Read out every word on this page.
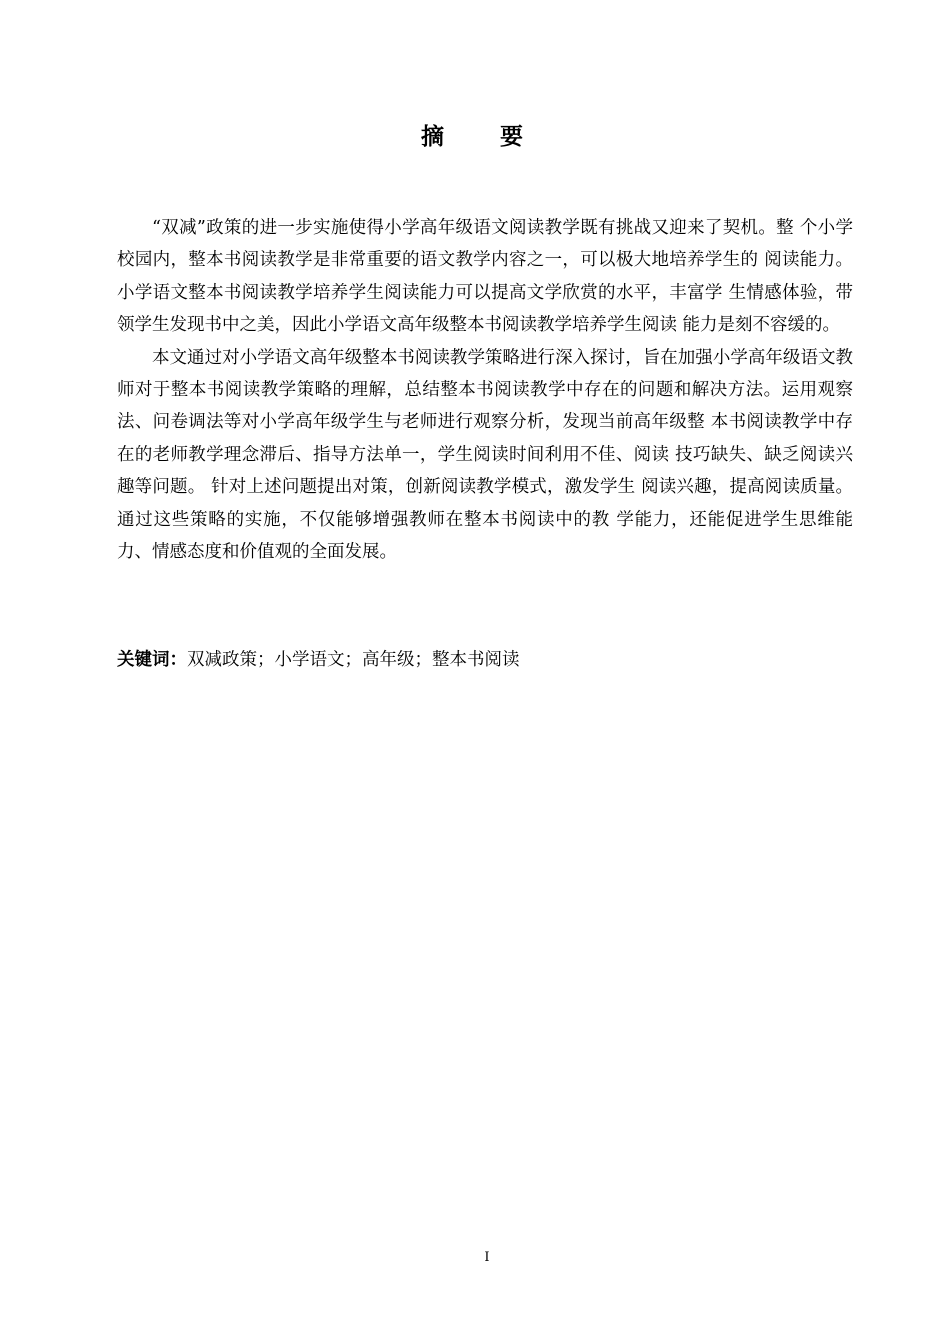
摘 要

“双减”政策的进一步实施使得小学高年级语文阅读教学既有挑战又迎来了契机。整 个小学校园内，整本书阅读教学是非常重要的语文教学内容之一，可以极大地培养学生的 阅读能力。小学语文整本书阅读教学培养学生阅读能力可以提高文学欣赏的水平，丰富学 生情感体验，带领学生发现书中之美，因此小学语文高年级整本书阅读教学培养学生阅读 能力是刻不容缓的。

本文通过对小学语文高年级整本书阅读教学策略进行深入探讨，旨在加强小学高年级语文教师对于整本书阅读教学策略的理解，总结整本书阅读教学中存在的问题和解决方法。运用观察法、问卷调法等对小学高年级学生与老师进行观察分析，发现当前高年级整 本书阅读教学中存在的老师教学理念滞后、指导方法单一，学生阅读时间利用不佳、阅读 技巧缺失、缺乏阅读兴趣等问题。 针对上述问题提出对策，创新阅读教学模式，激发学生 阅读兴趣，提高阅读质量。通过这些策略的实施，不仅能够增强教师在整本书阅读中的教 学能力，还能促进学生思维能力、情感态度和价值观的全面发展。

关键词：双减政策；小学语文；高年级；整本书阅读
I
